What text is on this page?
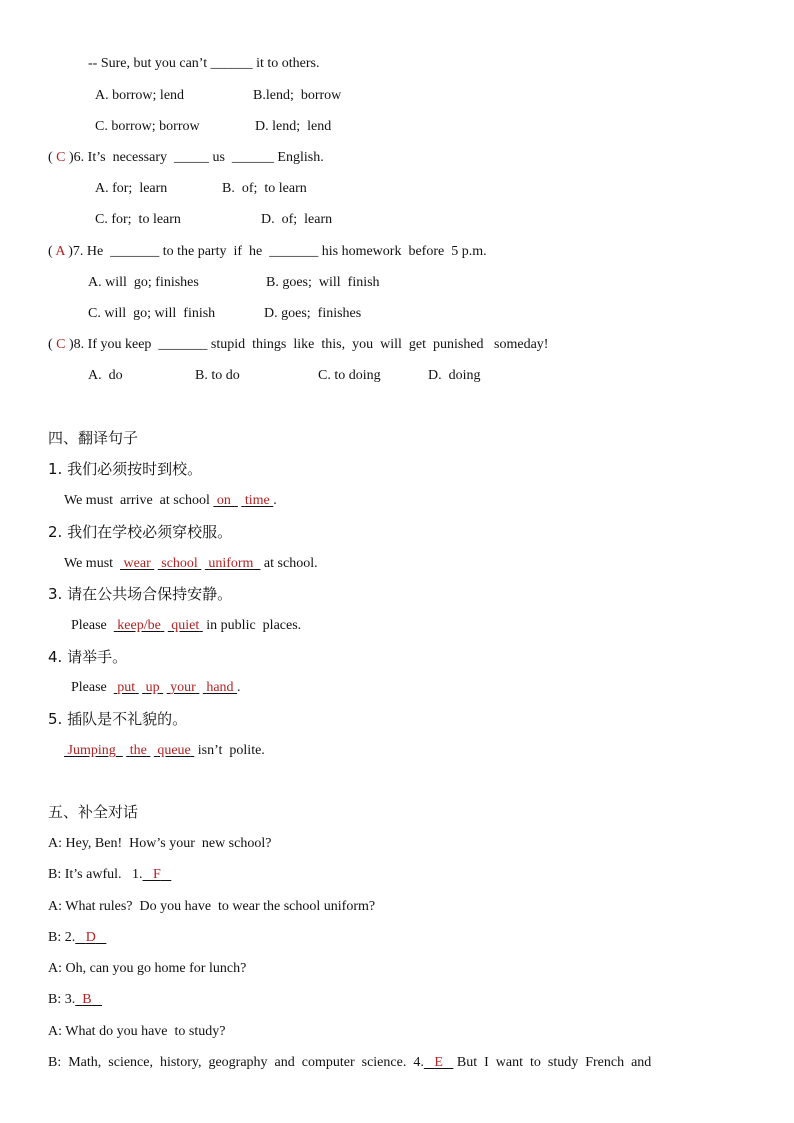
-- Sure, but you can’t ______ it to others.
A. borrow; lend	B.lend;  borrow
C. borrow; borrow	D. lend;  lend
( C )6. It’s  necessary  _____ us  ______ English.
A. for;  learn	B.  of;  to learn
C. for;  to learn	D.  of;  learn
( A )7. He  _______ to the party  if  he  _______ his homework  before  5 p.m.
A. will  go; finishes	B. goes;  will  finish
C. will  go; will  finish	D. goes;  finishes
( C )8. If you keep  _______ stupid  things  like  this,  you  will  get  punished   someday!
A.  do	B. to do	C. to doing	D.  doing
四、翻译句子
1. 我们必须按时到校。
We must  arrive  at school  on time .
2. 我们在学校必须穿校服。
We must   wear school uniform   at school.
3. 请在公共场合保持安静。
Please   keep/be quiet  in public  places.
4. 请举手。
Please   put up your hand .
5. 插队是不礼貌的。
Jumping the queue  isn’t  polite.
五、补全对话
A: Hey, Ben!  How’s your  new school?
B: It’s awful.   1. F
A: What rules?  Do you have  to wear the school uniform?
B: 2. D
A: Oh, can you go home for lunch?
B: 3. B
A: What do you have  to study?
B:  Math,  science,  history,  geography  and  computer  science.  4. E    But  I  want  to  study  French  and
